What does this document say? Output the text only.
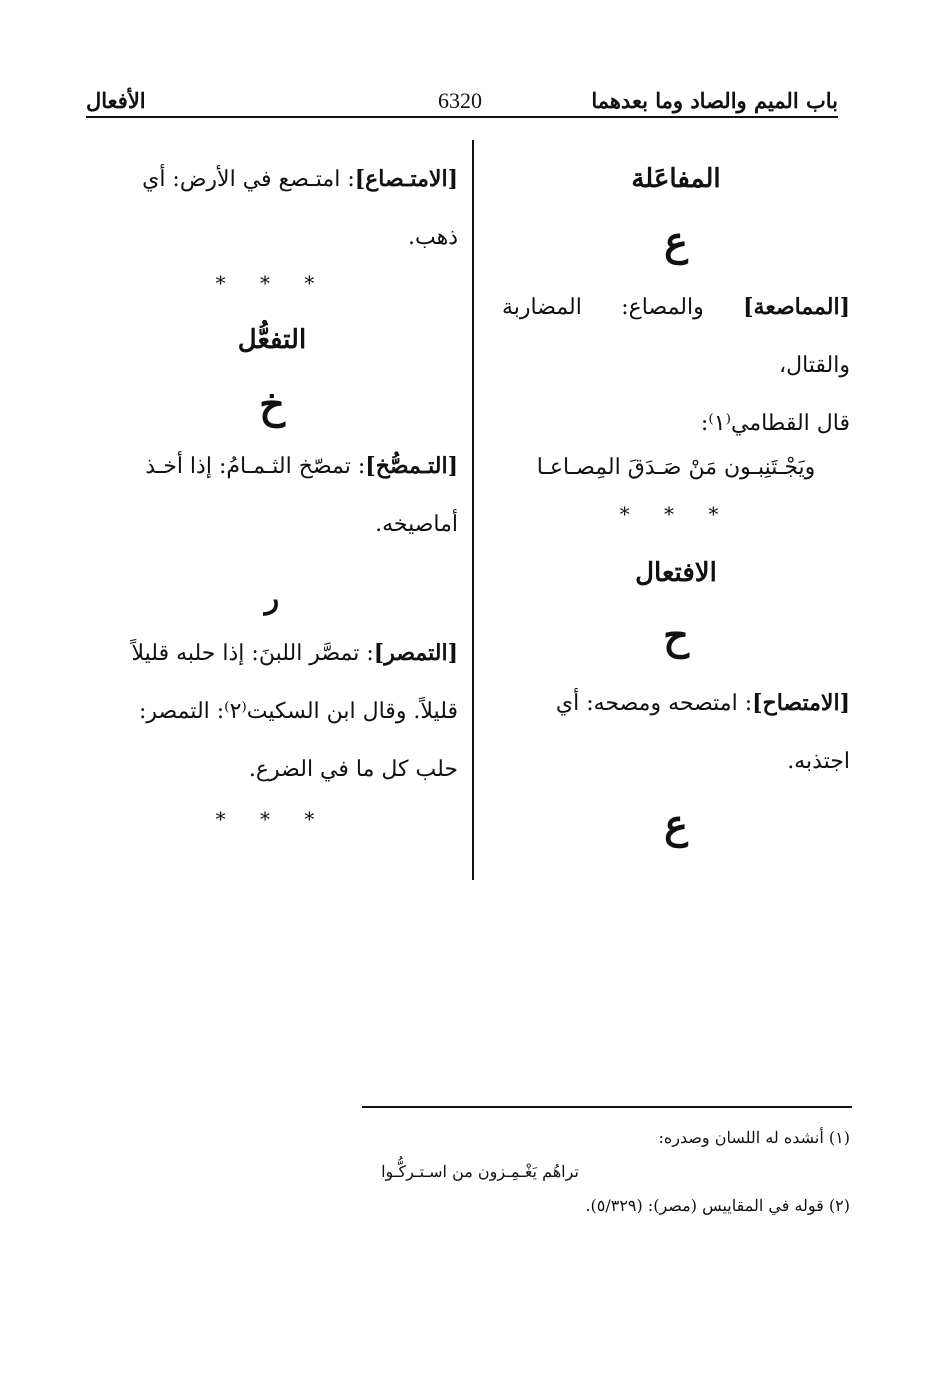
باب الميم والصاد وما بعدهما
6320
الأفعال

المفاعَلة

ع

[المماصعة] والمصاع: المضاربة والقتال،

قال القطامي⁽١⁾:

ويَجْـتَنِبـون مَنْ صَـدَقَ المِصـاعـا

* * *

الافتعال

ح

[الامتصاح]: امتصحه ومصحه: أي

اجتذبه.

ع

[الامتـصاع]: امتـصع في الأرض: أي

ذهب.

* * *

التفعُّل

خ

[التـمصُّخ]: تمصّخ الثـمـامُ: إذا أخـذ

أماصيخه.

ر

[التمصر]: تمصَّر اللبنَ: إذا حلبه قليلاً

قليلاً. وقال ابن السكيت⁽٢⁾: التمصر:

حلب كل ما في الضرع.

* * *

(١) أنشده له اللسان وصدره:

تراهُم يَغْـمِـزون من اسـتـركُّـوا

(٢) قوله في المقاييس (مصر): (٥/٣٢٩).
